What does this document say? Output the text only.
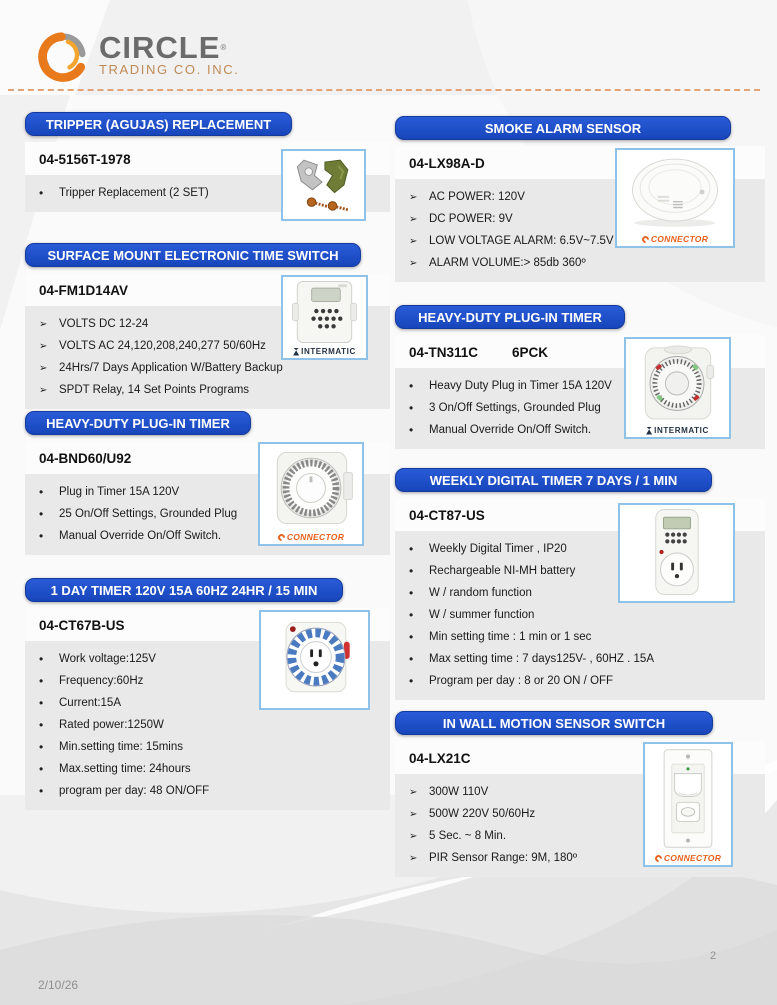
CIRCLE®
TRADING CO. INC.
TRIPPER (AGUJAS) REPLACEMENT
04-5156T-1978
•
Tripper Replacement (2 SET)
SURFACE MOUNT ELECTRONIC TIME SWITCH
04-FM1D14AV
➢
VOLTS DC 12-24
➢
VOLTS AC 24,120,208,240,277 50/60Hz
➢
24Hrs/7 Days Application W/Battery Backup
➢
SPDT Relay, 14 Set Points Programs
INTERMATIC
HEAVY-DUTY PLUG-IN TIMER
04-BND60/U92
•
Plug in Timer 15A 120V
•
25 On/Off Settings, Grounded Plug
•
Manual Override On/Off Switch.	CONNECTOR
1 DAY TIMER 120V 15A 60HZ 24HR / 15 MIN
04-CT67B-US
•
Work voltage:125V
•
Frequency:60Hz
•
Current:15A
•
Rated power:1250W
•
Min.setting time: 15mins
•
Max.setting time: 24hours
•
program per day: 48 ON/OFF
SMOKE ALARM SENSOR
04-LX98A-D
➢
AC POWER: 120V
➢
DC POWER: 9V
➢
LOW VOLTAGE ALARM: 6.5V~7.5V
➢
ALARM VOLUME:> 85db 360º
CONNECTOR
HEAVY-DUTY PLUG-IN TIMER
04-TN311C	6PCK
•
Heavy Duty Plug in Timer 15A 120V
•
3 On/Off Settings, Grounded Plug
•
Manual Override On/Off Switch.	INTERMATIC
WEEKLY DIGITAL TIMER 7 DAYS / 1 MIN
04-CT87-US
•
Weekly Digital Timer , IP20
•
Rechargeable NI-MH battery
•
W / random function
•
W / summer function
•
Min setting time : 1 min or 1 sec
•
Max setting time : 7 days125V- , 60HZ . 15A
•
Program per day : 8 or 20 ON / OFF
IN WALL MOTION SENSOR SWITCH
04-LX21C
➢
300W 110V
➢
500W 220V 50/60Hz
➢
5 Sec. ~ 8 Min.
➢
PIR Sensor Range: 9M, 180º	CONNECTOR
2/10/26
2
